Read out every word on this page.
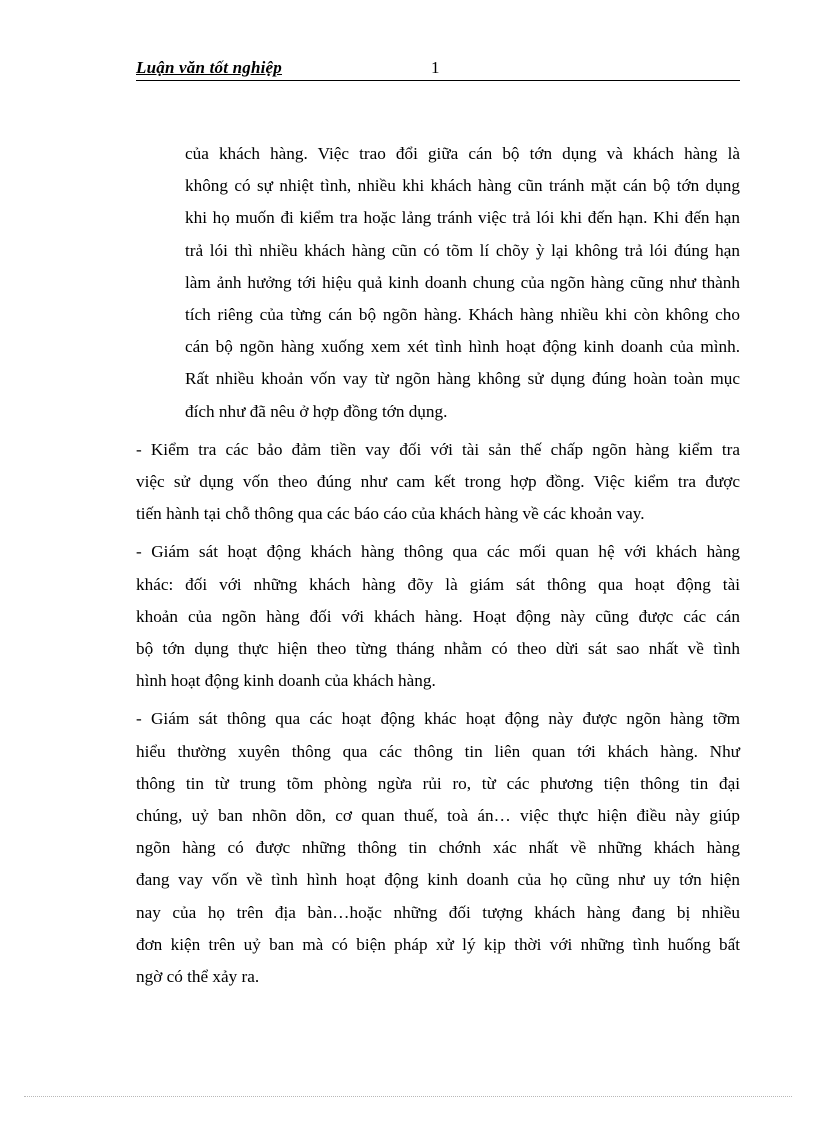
Luận văn tốt nghiệp	1

của khách hàng. Việc trao đổi giữa cán bộ tớn dụng và khách hàng là
không có sự nhiệt tình, nhiều khi khách hàng cũn tránh mặt cán bộ tớn dụng
khi họ muốn đi kiểm tra hoặc lảng tránh việc trả lói khi đến hạn. Khi đến hạn
trả lói thì nhiều khách hàng cũn có tõm lí chõy ỳ lại không trả lói đúng hạn
làm ảnh hưởng tới hiệu quả kinh doanh chung của ngõn hàng cũng như thành
tích riêng của từng cán bộ ngõn hàng. Khách hàng nhiều khi còn không cho
cán bộ ngõn hàng xuống xem xét tình hình hoạt động kinh doanh của mình.
Rất nhiều khoản vốn vay từ ngõn hàng không sử dụng đúng hoàn toàn mục
đích như đã nêu ở hợp đồng tớn dụng.

- Kiểm tra các bảo đảm tiền vay đối với tài sản thế chấp ngõn hàng kiểm tra
việc sử dụng vốn theo đúng như cam kết trong hợp đồng. Việc kiểm tra được
tiến hành tại chỗ thông qua các báo cáo của khách hàng về các khoản vay.

- Giám sát hoạt động khách hàng thông qua các mối quan hệ với khách hàng
khác: đối với những khách hàng đõy là giám sát thông qua hoạt động tài
khoản của ngõn hàng đối với khách hàng. Hoạt động này cũng được các cán
bộ tớn dụng thực hiện theo từng tháng nhằm có theo dừi sát sao nhất về tình
hình hoạt động kinh doanh của khách hàng.

- Giám sát thông qua các hoạt động khác hoạt động này được ngõn hàng tỡm
hiểu thường xuyên thông qua các thông tin liên quan tới khách hàng. Như
thông tin từ trung tõm phòng ngừa rủi ro, từ các phương tiện thông tin đại
chúng, uỷ ban nhõn dõn, cơ quan thuế, toà án… việc thực hiện điều này giúp
ngõn hàng có được những thông tin chớnh xác nhất về những khách hàng
đang vay vốn về tình hình hoạt động kinh doanh của họ cũng như uy tớn hiện
nay của họ trên địa bàn…hoặc những đối tượng khách hàng đang bị nhiều
đơn kiện trên uỷ ban mà có biện pháp xử lý kịp thời với những tình huống bất
ngờ có thể xảy ra.
